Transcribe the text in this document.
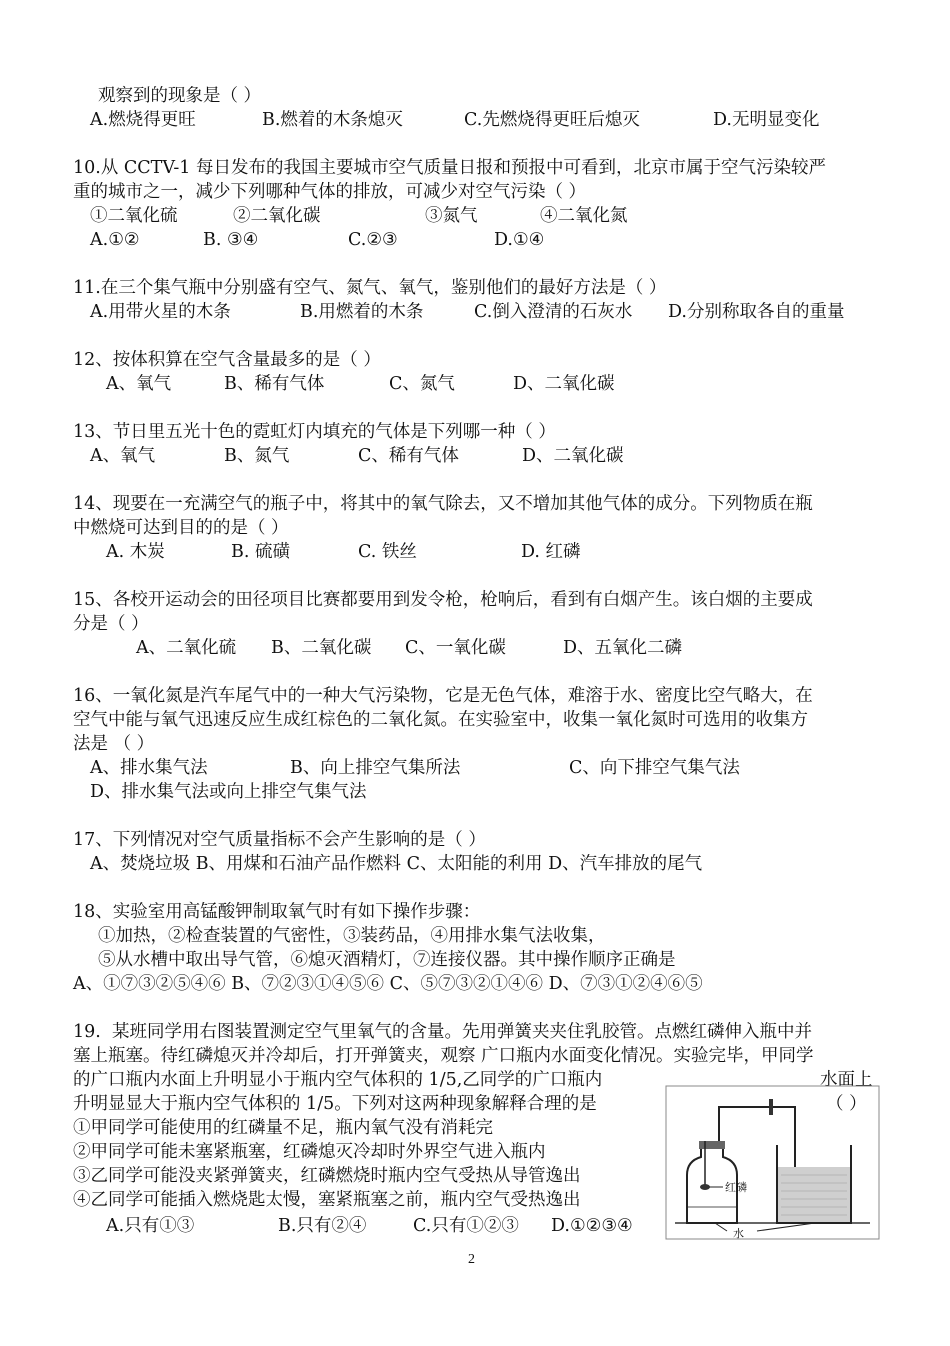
观察到的现象是（ ）
A.燃烧得更旺	B.燃着的木条熄灭	C.先燃烧得更旺后熄灭	D.无明显变化
10.从 CCTV-1 每日发布的我国主要城市空气质量日报和预报中可看到，北京市属于空气污染较严
重的城市之一，减少下列哪种气体的排放，可减少对空气污染（ ）
①二氧化硫	②二氧化碳	③氮气	④二氧化氮
A.①②	B. ③④	C.②③	D.①④
11.在三个集气瓶中分别盛有空气、氮气、氧气，鉴别他们的最好方法是（ ）
A.用带火星的木条	B.用燃着的木条	C.倒入澄清的石灰水 D.分别称取各自的重量
12、按体积算在空气含量最多的是（ ）
A、氧气	B、稀有气体	C、氮气	D、二氧化碳
13、节日里五光十色的霓虹灯内填充的气体是下列哪一种（ ）
A、氧气	B、氮气	C、稀有气体	D、二氧化碳
14、现要在一充满空气的瓶子中，将其中的氧气除去，又不增加其他气体的成分。下列物质在瓶
中燃烧可达到目的的是（ ）
A. 木炭	B. 硫磺	C. 铁丝	D. 红磷
15、各校开运动会的田径项目比赛都要用到发令枪，枪响后，看到有白烟产生。该白烟的主要成
分是（ ）
A、二氧化硫 B、二氧化碳 C、一氧化碳	D、五氧化二磷
16、一氧化氮是汽车尾气中的一种大气污染物，它是无色气体，难溶于水、密度比空气略大，在
空气中能与氧气迅速反应生成红棕色的二氧化氮。在实验室中，收集一氧化氮时可选用的收集方
法是 （ ）
A、排水集气法	B、向上排空气集所法	C、向下排空气集气法
D、排水集气法或向上排空气集气法
17、下列情况对空气质量指标不会产生影响的是（ ）
A、焚烧垃圾 B、用煤和石油产品作燃料 C、太阳能的利用 D、汽车排放的尾气
18、实验室用高锰酸钾制取氧气时有如下操作步骤：
①加热，②检查装置的气密性，③装药品，④用排水集气法收集，
⑤从水槽中取出导气管，⑥熄灭酒精灯，⑦连接仪器。其中操作顺序正确是
A、①⑦③②⑤④⑥ B、⑦②③①④⑤⑥ C、⑤⑦③②①④⑥ D、⑦③①②④⑥⑤
19.  某班同学用右图装置测定空气里氧气的含量。先用弹簧夹夹住乳胶管。点燃红磷伸入瓶中并
塞上瓶塞。待红磷熄灭并冷却后，打开弹簧夹，观察 广口瓶内水面变化情况。实验完毕，甲同学
的广口瓶内水面上升明显小于瓶内空气体积的 1/5,乙同学的广口瓶内	水面上
升明显显大于瓶内空气体积的 1/5。下列对这两种现象解释合理的是	（ ）
①甲同学可能使用的红磷量不足，瓶内氧气没有消耗完
②甲同学可能未塞紧瓶塞，红磷熄灭冷却时外界空气进入瓶内
③乙同学可能没夹紧弹簧夹，红磷燃烧时瓶内空气受热从导管逸出
④乙同学可能插入燃烧匙太慢，塞紧瓶塞之前，瓶内空气受热逸出
A.只有①③	B.只有②④	C.只有①②③ D.①②③④
红磷
水
2
